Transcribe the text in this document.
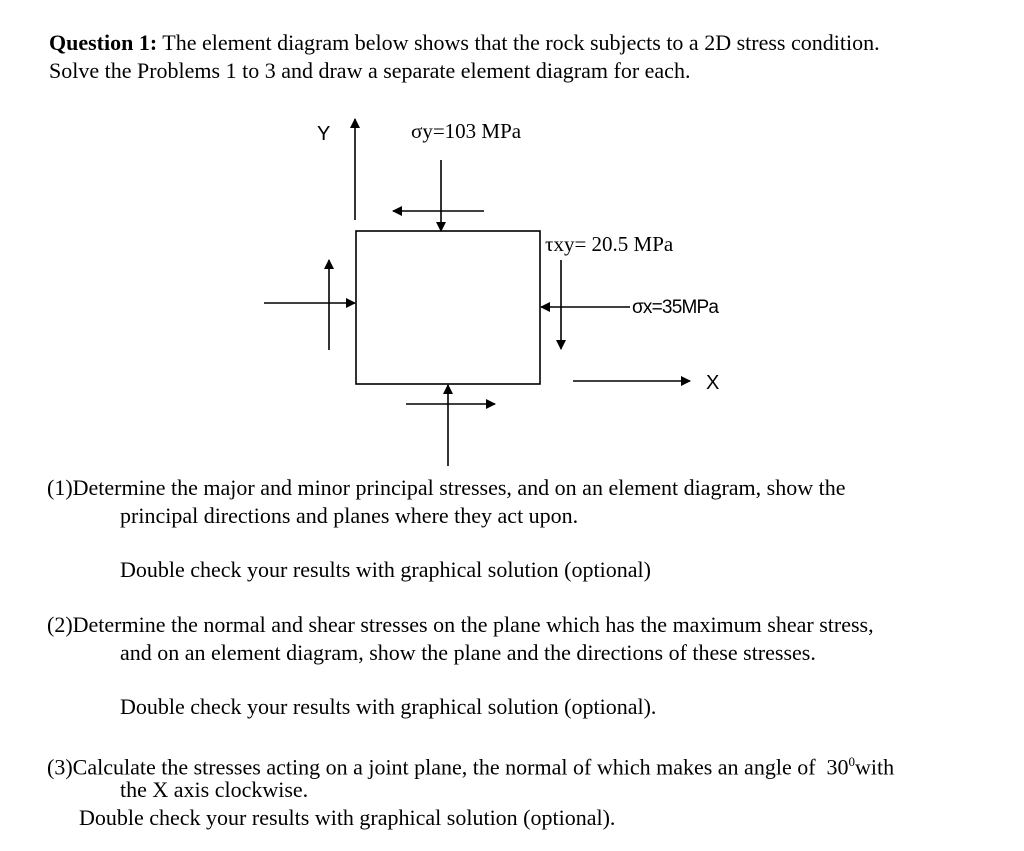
Question 1: The element diagram below shows that the rock subjects to a 2D stress condition.
Solve the Problems 1 to 3 and draw a separate element diagram for each.
Y
X
σy=103 MPa
τxy= 20.5 MPa
σx=35MPa
(1)Determine the major and minor principal stresses, and on an element diagram, show the
principal directions and planes where they act upon.
Double check your results with graphical solution (optional)
(2)Determine the normal and shear stresses on the plane which has the maximum shear stress,
and on an element diagram, show the plane and the directions of these stresses.
Double check your results with graphical solution (optional).
(3)Calculate the stresses acting on a joint plane, the normal of which makes an angle of $30^0with$
the X axis clockwise.
Double check your results with graphical solution (optional).
